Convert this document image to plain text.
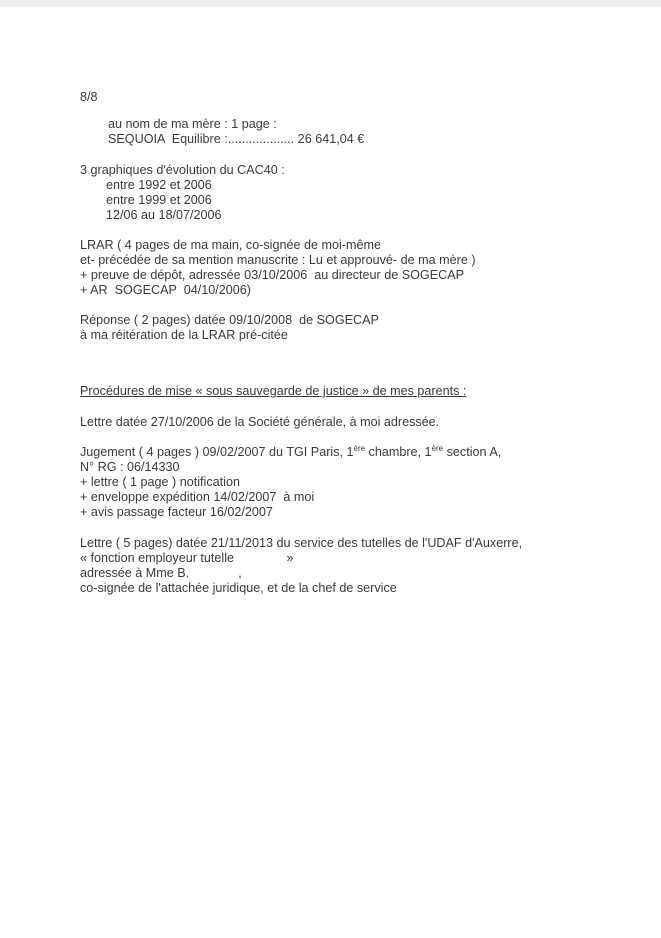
8/8
au nom de ma mère : 1 page :
SEQUOIA  Equilibre :................... 26 641,04 €
3 graphiques d'évolution du CAC40 :
entre 1992 et 2006
entre 1999 et 2006
12/06 au 18/07/2006
LRAR ( 4 pages de ma main, co-signée de moi-même
et- précédée de sa mention manuscrite : Lu et approuvé- de ma mère )
+ preuve de dépôt, adressée 03/10/2006  au directeur de SOGECAP
+ AR  SOGECAP  04/10/2006)
Réponse ( 2 pages) datée 09/10/2008  de SOGECAP
à ma réitération de la LRAR pré-citée
Procédures de mise « sous sauvegarde de justice » de mes parents :
Lettre datée 27/10/2006 de la Société générale, à moi adressée.
Jugement ( 4 pages ) 09/02/2007 du TGI Paris, 1ère chambre, 1ère section A,
N° RG : 06/14330
+ lettre ( 1 page ) notification
+ enveloppe expédition 14/02/2007  à moi
+ avis passage facteur 16/02/2007
Lettre ( 5 pages) datée 21/11/2013 du service des tutelles de l'UDAF d'Auxerre,
« fonction employeur tutelle	»
adressée à Mme B.	,
co-signée de l'attachée juridique, et de la chef de service
